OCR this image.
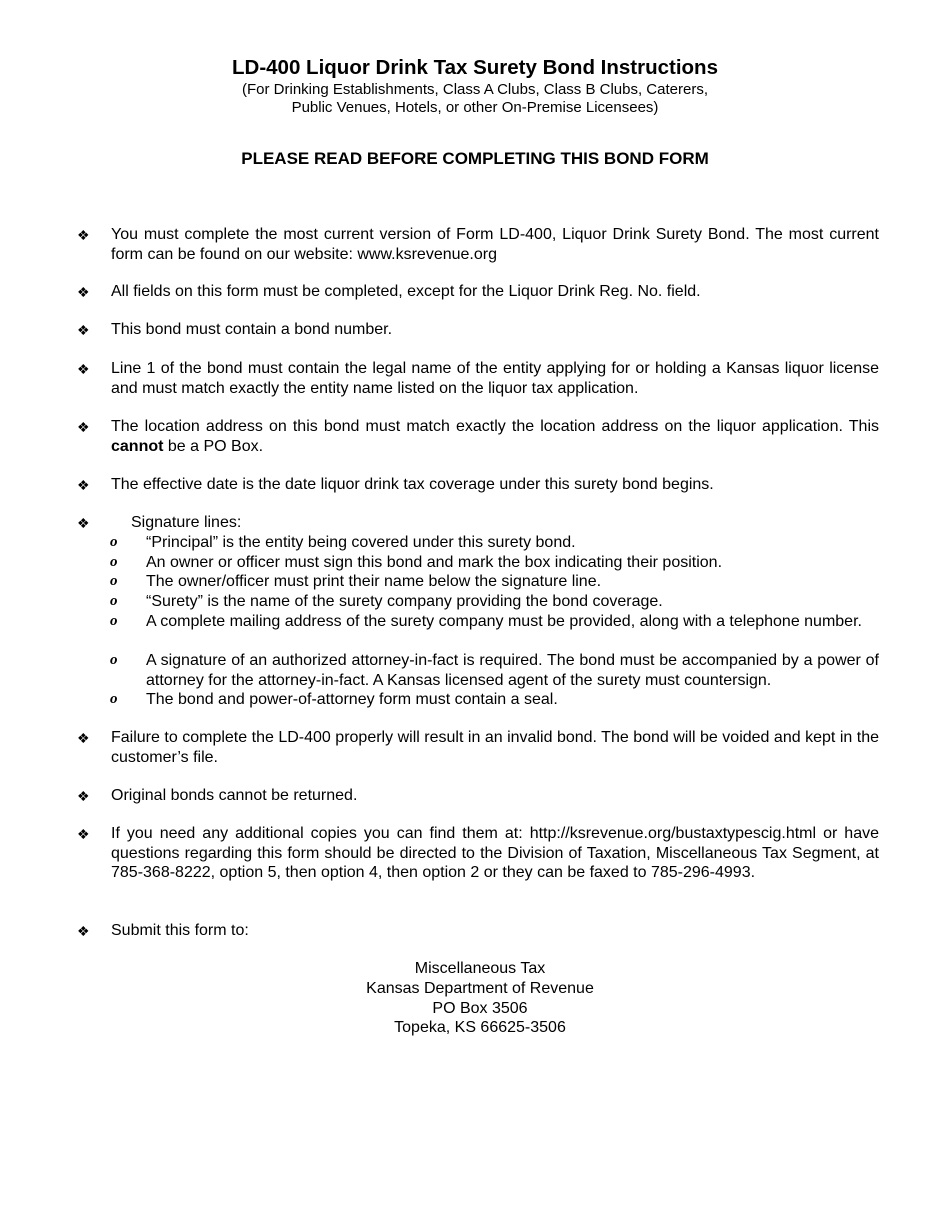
LD-400 Liquor Drink Tax Surety Bond Instructions
(For Drinking Establishments, Class A Clubs, Class B Clubs, Caterers,
Public Venues, Hotels, or other On-Premise Licensees)
PLEASE READ BEFORE COMPLETING THIS BOND FORM
❖ You must complete the most current version of Form LD-400, Liquor Drink Surety Bond. The most current form can be found on our website: www.ksrevenue.org
❖ All fields on this form must be completed, except for the Liquor Drink Reg. No. field.
❖ This bond must contain a bond number.
❖ Line 1 of the bond must contain the legal name of the entity applying for or holding a Kansas liquor license and must match exactly the entity name listed on the liquor tax application.
❖ The location address on this bond must match exactly the location address on the liquor application. This cannot be a PO Box.
❖ The effective date is the date liquor drink tax coverage under this surety bond begins.
❖	Signature lines:
o “Principal” is the entity being covered under this surety bond.
o An owner or officer must sign this bond and mark the box indicating their position.
o The owner/officer must print their name below the signature line.
o “Surety” is the name of the surety company providing the bond coverage.
o A complete mailing address of the surety company must be provided, along with a telephone number.
o A signature of an authorized attorney-in-fact is required. The bond must be accompanied by a power of attorney for the attorney-in-fact. A Kansas licensed agent of the surety must countersign.
o The bond and power-of-attorney form must contain a seal.
❖ Failure to complete the LD-400 properly will result in an invalid bond. The bond will be voided and kept in the customer’s file.
❖ Original bonds cannot be returned.
❖ If you need any additional copies you can find them at: http://ksrevenue.org/bustaxtypescig.html or have questions regarding this form should be directed to the Division of Taxation, Miscellaneous Tax Segment, at 785-368-8222, option 5, then option 4, then option 2 or they can be faxed to 785-296-4993.
❖ Submit this form to:
Miscellaneous Tax
Kansas Department of Revenue
PO Box 3506
Topeka, KS 66625-3506
